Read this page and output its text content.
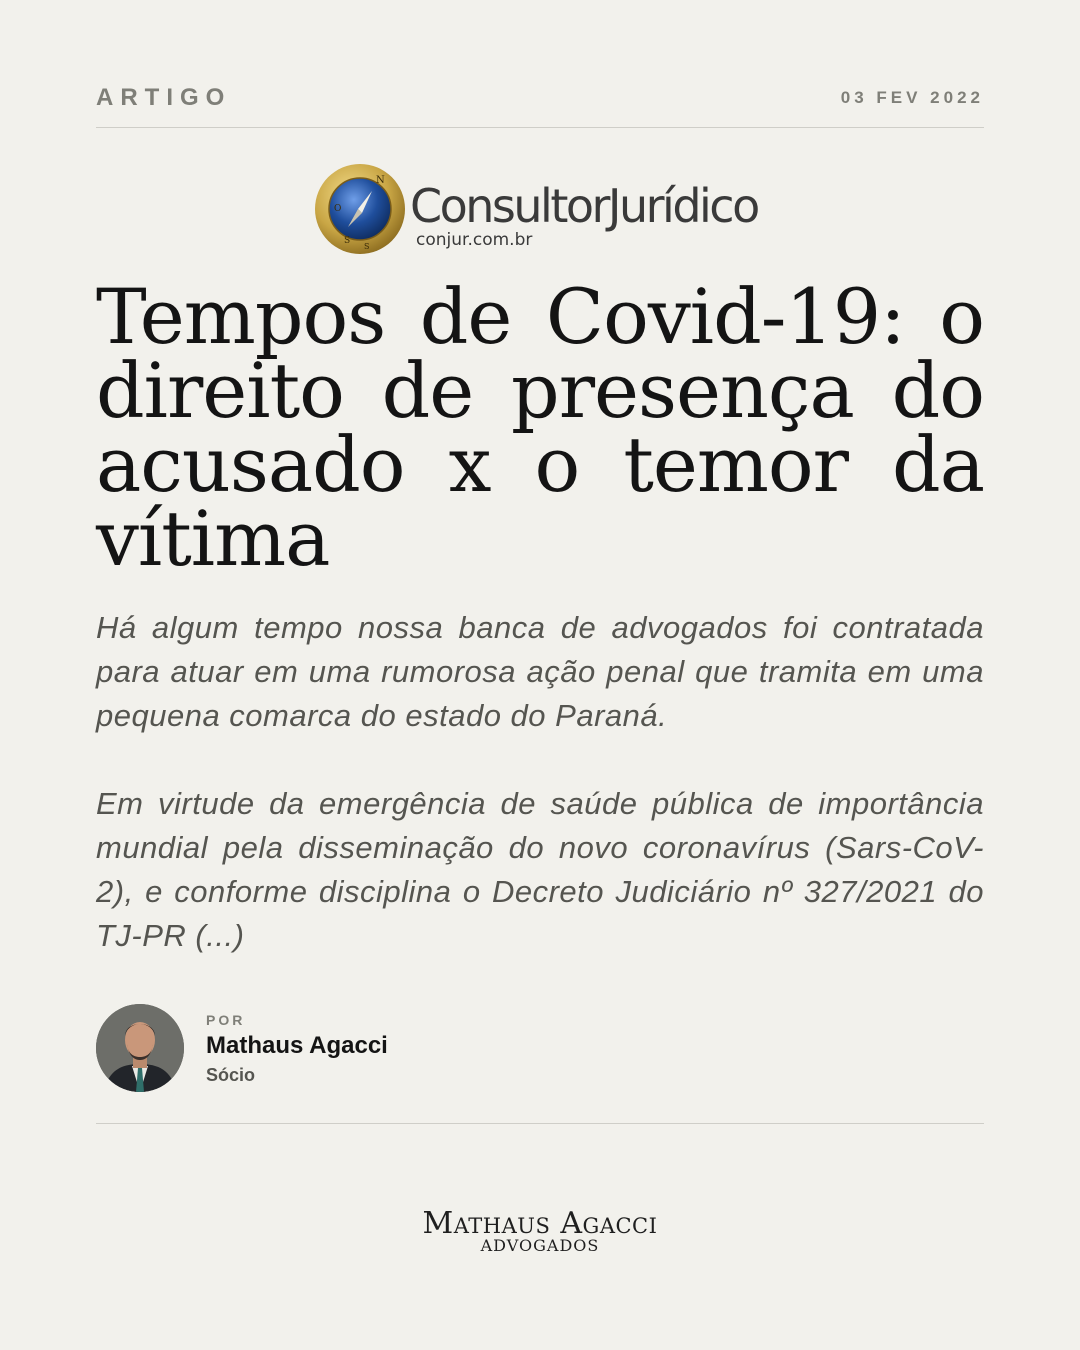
ARTIGO	03 FEV 2022
N
O
S
S
ConsultorJurídico
conjur.com.br
Tempos de Covid-19: o direito de presença do acusado x o temor da vítima

Há algum tempo nossa banca de advogados foi contratada para atuar em uma rumorosa ação penal que tramita em uma pequena comarca do estado do Paraná.

Em virtude da emergência de saúde pública de importância mundial pela disseminação do novo coronavírus (Sars-CoV-2), e conforme disciplina o Decreto Judiciário nº 327/2021 do TJ-PR (...)

POR
Mathaus Agacci
Sócio
Mathaus Agacci
ADVOGADOS
